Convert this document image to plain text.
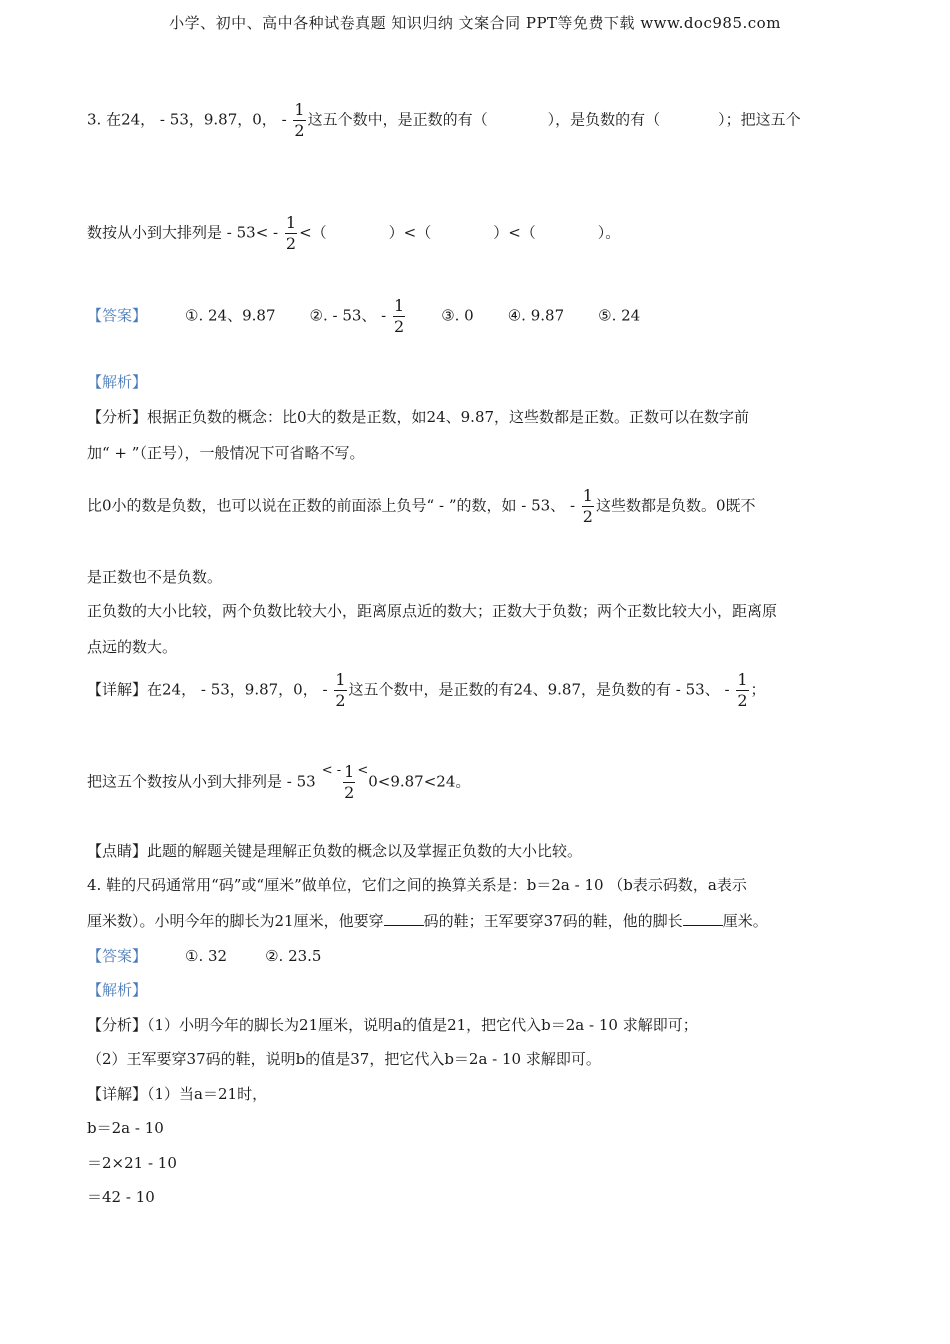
小学、初中、高中各种试卷真题 知识归纳 文案合同 PPT等免费下载 www.doc985.com
3. 在24， - 53，9.87，0， - $\frac{1}{2}$ 这五个数中，是正数的有（	），是负数的有（	）；把这五个
数按从小到大排列是 - $53< - \frac{1}{2}$ <（	）<（	）<（	）。
【答案】	①. 24、9.87 ②. - 53、 - $\frac{1}{2}$ ③. 0 ④. 9.87 ⑤. 24
【解析】
【分析】根据正负数的概念：比0大的数是正数，如24、9.87，这些数都是正数。正数可以在数字前
加“ + ”（正号），一般情况下可省略不写。
比0小的数是负数，也可以说在正数的前面添上负号“ - ”的数，如 - 53、 - $\frac{1}{2}$ 这些数都是负数。0既不
是正数也不是负数。
正负数的大小比较，两个负数比较大小，距离原点近的数大；正数大于负数；两个正数比较大小，距离原
点远的数大。
【详解】在24， - 53，9.87，0， - $\frac{1}{2}$ 这五个数中，是正数的有24、9.87，是负数的有 - 53、 - $\frac{1}{2}$ ；
把这五个数按从小到大排列是 - $53< - \frac{1}{2} <0<9.87<24$。
【点睛】此题的解题关键是理解正负数的概念以及掌握正负数的大小比较。
4. 鞋的尺码通常用“码”或“厘米”做单位，它们之间的换算关系是：b＝2a - 10 （b表示码数，a表示
厘米数）。小明今年的脚长为21厘米，他要穿	码的鞋；王军要穿37码的鞋，他的脚长	厘米。
【答案】	①. 32	②. 23.5
【解析】
【分析】（1）小明今年的脚长为21厘米，说明a的值是21，把它代入b＝2a - 10 求解即可；
（2）王军要穿37码的鞋，说明b的值是37，把它代入b＝2a - 10 求解即可。
【详解】（1）当a＝21时，
b＝2a - 10
＝2×21 - 10
＝42 - 10
